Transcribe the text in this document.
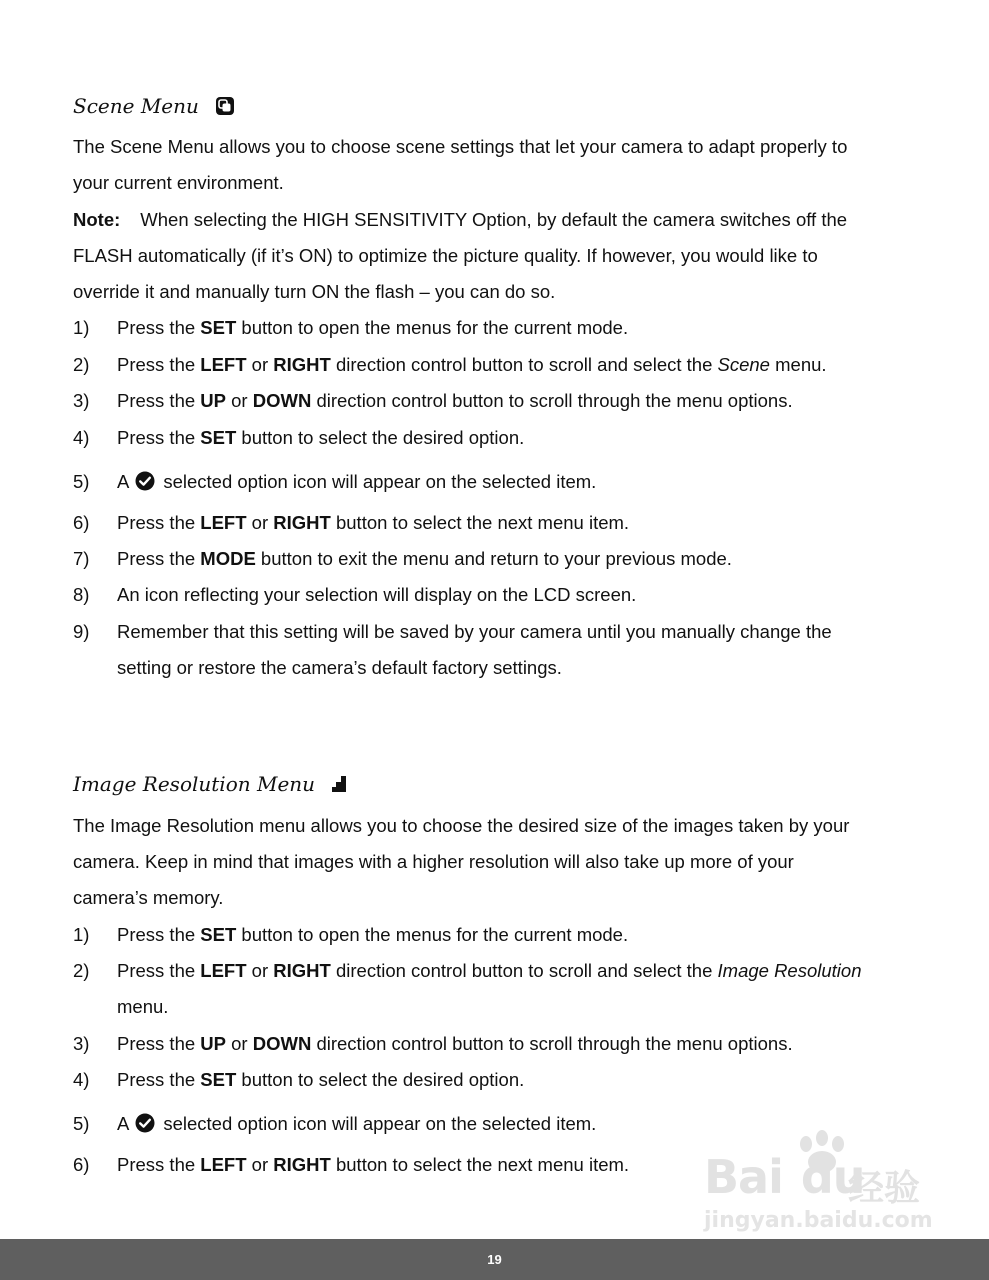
Scene Menu
The Scene Menu allows you to choose scene settings that let your camera to adapt properly to
your current environment.
Note: When selecting the HIGH SENSITIVITY Option, by default the camera switches off the
FLASH automatically (if it’s ON) to optimize the picture quality. If however, you would like to
override it and manually turn ON the flash – you can do so.
1) Press the SET button to open the menus for the current mode.
2) Press the LEFT or RIGHT direction control button to scroll and select the Scene menu.
3) Press the UP or DOWN direction control button to scroll through the menu options.
4) Press the SET button to select the desired option.
5) A selected option icon will appear on the selected item.
6) Press the LEFT or RIGHT button to select the next menu item.
7) Press the MODE button to exit the menu and return to your previous mode.
8) An icon reflecting your selection will display on the LCD screen.
9) Remember that this setting will be saved by your camera until you manually change the
setting or restore the camera’s default factory settings.
Image Resolution Menu
The Image Resolution menu allows you to choose the desired size of the images taken by your
camera. Keep in mind that images with a higher resolution will also take up more of your
camera’s memory.
1) Press the SET button to open the menus for the current mode.
2) Press the LEFT or RIGHT direction control button to scroll and select the Image Resolution
menu.
3) Press the UP or DOWN direction control button to scroll through the menu options.
4) Press the SET button to select the desired option.
5) A selected option icon will appear on the selected item.
6) Press the LEFT or RIGHT button to select the next menu item. Bai du
经验
jingyan.baidu.com
19
